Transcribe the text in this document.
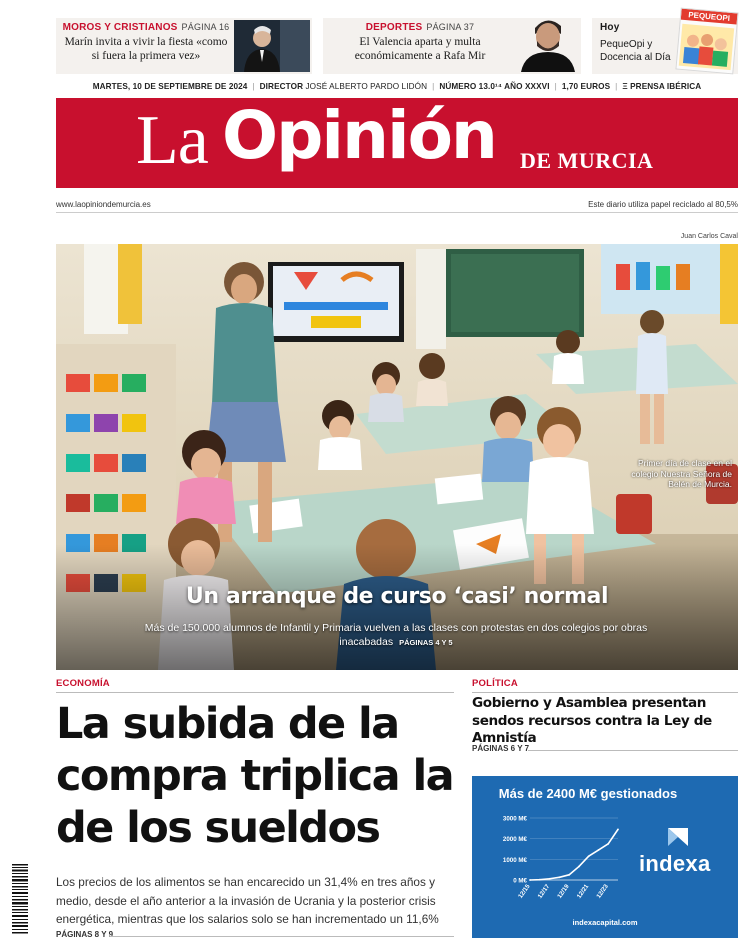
MOROS Y CRISTIANOS PÁGINA 16
Marín invita a vivir la fiesta «como si fuera la primera vez»
DEPORTES PÁGINA 37
El Valencia aparta y multa económicamente a Rafa Mir
Hoy
PequeOpi y Docencia al Día
PEQUEOPI
MARTES, 10 DE SEPTIEMBRE DE 2024 | DIRECTOR JOSÉ ALBERTO PARDO LIDÓN | NÚMERO 13.0¹⁴ AÑO XXXVI | 1,70 EUROS | Ξ PRENSA IBÉRICA
La Opinión DE MURCIA
www.laopiniondemurcia.es	Este diario utiliza papel reciclado al 80,5%
Juan Carlos Caval
Primer día de clase en el colegio Nuestra Señora de Belén de Murcia.
Un arranque de curso ‘casi’ normal
Más de 150.000 alumnos de Infantil y Primaria vuelven a las clases con protestas en dos colegios por obras inacabadas PÁGINAS 4 Y 5
ECONOMÍA
La subida de la compra triplica la de los sueldos
Los precios de los alimentos se han encarecido un 31,4% en tres años y medio, desde el año anterior a la invasión de Ucrania y la posterior crisis energética, mientras que los salarios solo se han incrementado un 11,6%
PÁGINAS 8 Y 9
POLÍTICA
Gobierno y Asamblea presentan sendos recursos contra la Ley de Amnistía
PÁGINAS 6 Y 7
Más de 2400 M€ gestionados
3000 M€
2000 M€
1000 M€
0 M€
12/15 12/17 12/19 12/21 12/23
indexa
indexacapital.com
